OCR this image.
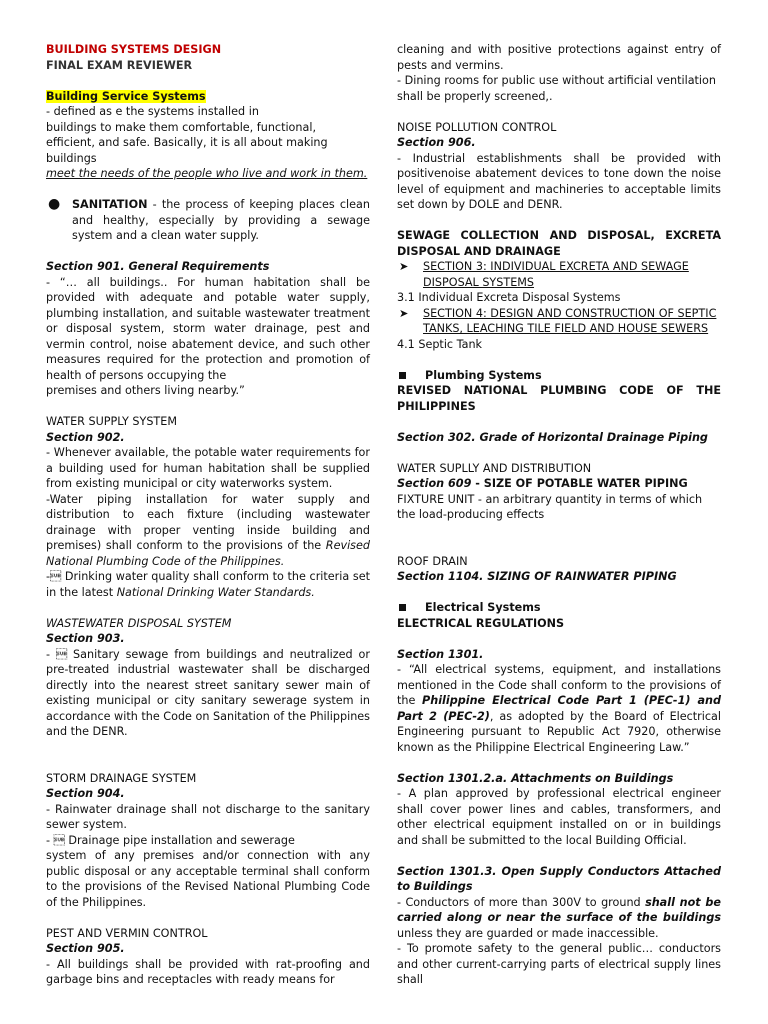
BUILDING SYSTEMS DESIGN

FINAL EXAM REVIEWER

Building Service Systems

- defined as e the systems installed in

buildings to make them comfortable, functional,

efficient, and safe. Basically, it is all about making buildings

meet the needs of the people who live and work in them.

● SANITATION - the process of keeping places clean and healthy, especially by providing a sewage system and a clean water supply.

Section 901. General Requirements

- “… all buildings.. For human habitation shall be provided with adequate and potable water supply, plumbing installation, and suitable wastewater treatment or disposal system, storm water drainage, pest and vermin control, noise abatement device, and such other measures required for the protection and promotion of health of persons occupying the

premises and others living nearby.”

WATER SUPPLY SYSTEM

Section 902.

- Whenever available, the potable water requirements for a building used for human habitation shall be supplied from existing municipal or city waterworks system.

-Water piping installation for water supply and distribution to each fixture (including wastewater drainage with proper venting inside building and premises) shall conform to the provisions of the Revised National Plumbing Code of the Philippines.

- Drinking water quality shall conform to the criteria set in the latest National Drinking Water Standards.

WASTEWATER DISPOSAL SYSTEM

Section 903.

-  Sanitary sewage from buildings and neutralized or pre-treated industrial wastewater shall be discharged directly into the nearest street sanitary sewer main of existing municipal or city sanitary sewerage system in accordance with the Code on Sanitation of the Philippines and the DENR.

STORM DRAINAGE SYSTEM

Section 904.

- Rainwater drainage shall not discharge to the sanitary sewer system.

-  Drainage pipe installation and sewerage

system of any premises and/or connection with any public disposal or any acceptable terminal shall conform to the provisions of the Revised National Plumbing Code of the Philippines.

PEST AND VERMIN CONTROL

Section 905.

- All buildings shall be provided with rat-proofing and garbage bins and receptacles with ready means for

cleaning and with positive protections against entry of pests and vermins.

- Dining rooms for public use without artificial ventilation shall be properly screened,.

NOISE POLLUTION CONTROL

Section 906.

- Industrial establishments shall be provided with positivenoise abatement devices to tone down the noise level of equipment and machineries to acceptable limits set down by DOLE and DENR.

SEWAGE COLLECTION AND DISPOSAL, EXCRETA DISPOSAL AND DRAINAGE

➤ SECTION 3: INDIVIDUAL EXCRETA AND SEWAGE DISPOSAL SYSTEMS

3.1 Individual Excreta Disposal Systems

➤ SECTION 4: DESIGN AND CONSTRUCTION OF SEPTIC TANKS, LEACHING TILE FIELD AND HOUSE SEWERS

4.1 Septic Tank

Plumbing Systems

REVISED NATIONAL PLUMBING CODE OF THE PHILIPPINES

Section 302. Grade of Horizontal Drainage Piping

WATER SUPLLY AND DISTRIBUTION

Section 609 - SIZE OF POTABLE WATER PIPING

FIXTURE UNIT - an arbitrary quantity in terms of which the load-producing effects

ROOF DRAIN

Section 1104. SIZING OF RAINWATER PIPING

Electrical Systems

ELECTRICAL REGULATIONS

Section 1301.

- “All electrical systems, equipment, and installations mentioned in the Code shall conform to the provisions of the Philippine Electrical Code Part 1 (PEC-1) and Part 2 (PEC-2), as adopted by the Board of Electrical Engineering pursuant to Republic Act 7920, otherwise known as the Philippine Electrical Engineering Law.”

Section 1301.2.a. Attachments on Buildings

- A plan approved by professional electrical engineer shall cover power lines and cables, transformers, and other electrical equipment installed on or in buildings and shall be submitted to the local Building Official.

Section 1301.3. Open Supply Conductors Attached to Buildings

- Conductors of more than 300V to ground shall not be carried along or near the surface of the buildings unless they are guarded or made inaccessible.

- To promote safety to the general public… conductors and other current-carrying parts of electrical supply lines shall
